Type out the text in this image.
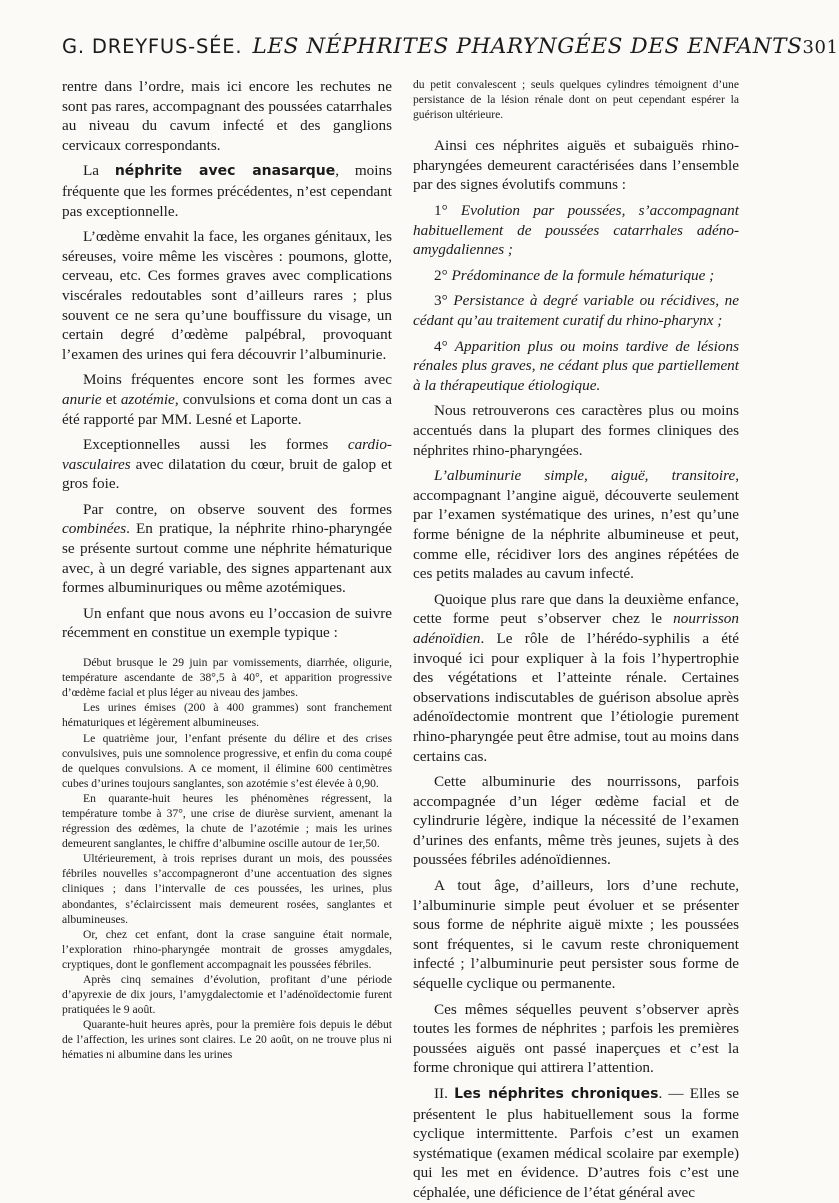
G. DREYFUS-SÉE. LES NÉPHRITES PHARYNGÉES DES ENFANTS 301

rentre dans l’ordre, mais ici encore les rechutes ne sont pas rares, accompagnant des poussées catarrhales au niveau du cavum infecté et des ganglions cervicaux correspondants.

La néphrite avec anasarque, moins fréquente que les formes précédentes, n’est cependant pas exceptionnelle.

L’œdème envahit la face, les organes génitaux, les séreuses, voire même les viscères : poumons, glotte, cerveau, etc. Ces formes graves avec complications viscérales redoutables sont d’ailleurs rares ; plus souvent ce ne sera qu’une bouffissure du visage, un certain degré d’œdème palpébral, provoquant l’examen des urines qui fera découvrir l’albuminurie.

Moins fréquentes encore sont les formes avec anurie et azotémie, convulsions et coma dont un cas a été rapporté par MM. Lesné et Laporte.

Exceptionnelles aussi les formes cardio-vasculaires avec dilatation du cœur, bruit de galop et gros foie.

Par contre, on observe souvent des formes combinées. En pratique, la néphrite rhino-pharyngée se présente surtout comme une néphrite hématurique avec, à un degré variable, des signes appartenant aux formes albuminuriques ou même azotémiques.

Un enfant que nous avons eu l’occasion de suivre récemment en constitue un exemple typique :

Début brusque le 29 juin par vomissements, diarrhée, oligurie, température ascendante de 38°,5 à 40°, et apparition progressive d’œdème facial et plus léger au niveau des jambes.

Les urines émises (200 à 400 grammes) sont franchement hématuriques et légèrement albumineuses.

Le quatrième jour, l’enfant présente du délire et des crises convulsives, puis une somnolence progressive, et enfin du coma coupé de quelques convulsions. A ce moment, il élimine 600 centimètres cubes d’urines toujours sanglantes, son azotémie s’est élevée à 0,90.

En quarante-huit heures les phénomènes régressent, la température tombe à 37°, une crise de diurèse survient, amenant la régression des œdèmes, la chute de l’azotémie ; mais les urines demeurent sanglantes, le chiffre d’albumine oscille autour de 1er,50.

Ultérieurement, à trois reprises durant un mois, des poussées fébriles nouvelles s’accompagneront d’une accentuation des signes cliniques ; dans l’intervalle de ces poussées, les urines, plus abondantes, s’éclaircissent mais demeurent rosées, sanglantes et albumineuses.

Or, chez cet enfant, dont la crase sanguine était normale, l’exploration rhino-pharyngée montrait de grosses amygdales, cryptiques, dont le gonflement accompagnait les poussées fébriles.

Après cinq semaines d’évolution, profitant d’une période d’apyrexie de dix jours, l’amygdalectomie et l’adénoïdectomie furent pratiquées le 9 août.

Quarante-huit heures après, pour la première fois depuis le début de l’affection, les urines sont claires. Le 20 août, on ne trouve plus ni hématies ni albumine dans les urines

du petit convalescent ; seuls quelques cylindres témoignent d’une persistance de la lésion rénale dont on peut cependant espérer la guérison ultérieure.

Ainsi ces néphrites aiguës et subaiguës rhino-pharyngées demeurent caractérisées dans l’ensemble par des signes évolutifs communs :

1° Evolution par poussées, s’accompagnant habituellement de poussées catarrhales adéno-amygdaliennes ;

2° Prédominance de la formule hématurique ;

3° Persistance à degré variable ou récidives, ne cédant qu’au traitement curatif du rhino-pharynx ;

4° Apparition plus ou moins tardive de lésions rénales plus graves, ne cédant plus que partiellement à la thérapeutique étiologique.

Nous retrouverons ces caractères plus ou moins accentués dans la plupart des formes cliniques des néphrites rhino-pharyngées.

L’albuminurie simple, aiguë, transitoire, accompagnant l’angine aiguë, découverte seulement par l’examen systématique des urines, n’est qu’une forme bénigne de la néphrite albumineuse et peut, comme elle, récidiver lors des angines répétées de ces petits malades au cavum infecté.

Quoique plus rare que dans la deuxième enfance, cette forme peut s’observer chez le nourrisson adénoïdien. Le rôle de l’hérédo-syphilis a été invoqué ici pour expliquer à la fois l’hypertrophie des végétations et l’atteinte rénale. Certaines observations indiscutables de guérison absolue après adénoïdectomie montrent que l’étiologie purement rhino-pharyngée peut être admise, tout au moins dans certains cas.

Cette albuminurie des nourrissons, parfois accompagnée d’un léger œdème facial et de cylindrurie légère, indique la nécessité de l’examen d’urines des enfants, même très jeunes, sujets à des poussées fébriles adénoïdiennes.

A tout âge, d’ailleurs, lors d’une rechute, l’albuminurie simple peut évoluer et se présenter sous forme de néphrite aiguë mixte ; les poussées sont fréquentes, si le cavum reste chroniquement infecté ; l’albuminurie peut persister sous forme de séquelle cyclique ou permanente.

Ces mêmes séquelles peuvent s’observer après toutes les formes de néphrites ; parfois les premières poussées aiguës ont passé inaperçues et c’est la forme chronique qui attirera l’attention.

II. Les néphrites chroniques. — Elles se présentent le plus habituellement sous la forme cyclique intermittente. Parfois c’est un examen systématique (examen médical scolaire par exemple) qui les met en évidence. D’autres fois c’est une céphalée, une déficience de l’état général avec
